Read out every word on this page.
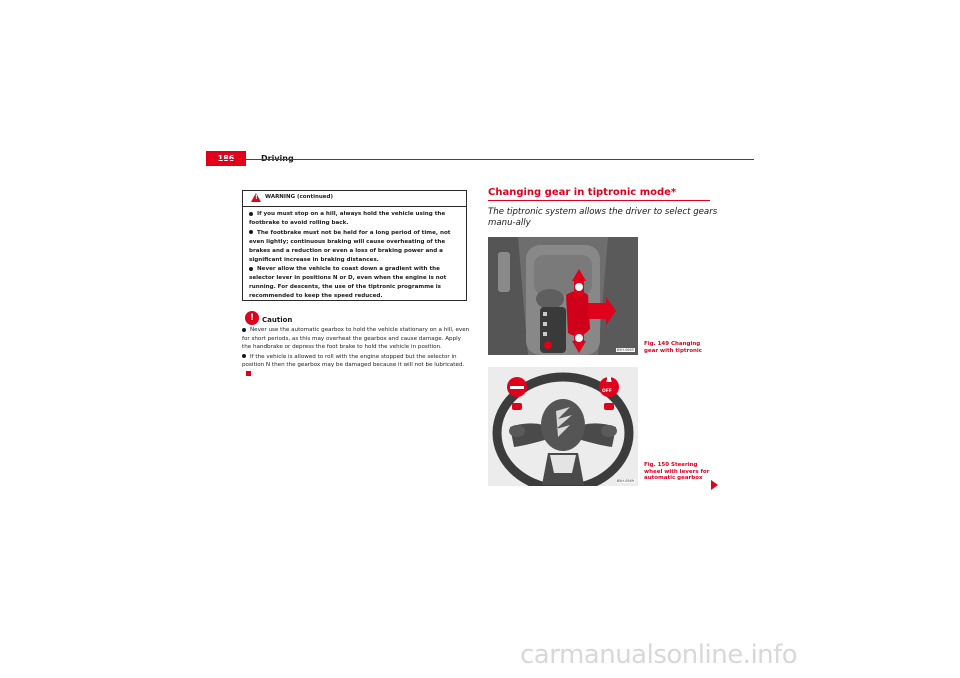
!
WARNING (continued)

If you must stop on a hill, always hold the vehicle using the footbrake to avoid rolling back.

The footbrake must not be held for a long period of time, not even lightly; continuous braking will cause overheating of the brakes and a reduction or even a loss of braking power and a significant increase in braking distances.

Never allow the vehicle to coast down a gradient with the selector lever in positions N or D, even when the engine is not running. For descents, the use of the tiptronic programme is recommended to keep the speed reduced.

!	Caution

Never use the automatic gearbox to hold the vehicle stationary on a hill, even for short periods, as this may overheat the gearbox and cause damage. Apply the handbrake or depress the foot brake to hold the vehicle in position.

If the vehicle is allowed to roll with the engine stopped but the selector in position N then the gearbox may be damaged because it will not be lubricated.

Changing gear in tiptronic mode*
The tiptronic system allows the driver to select gears manu-ally
B5H-0665
Fig. 149 Changing gear with tiptronic
OFF
B5H-0569
Fig. 150 Steering wheel with levers for automatic gearbox
carmanualsonline.info
